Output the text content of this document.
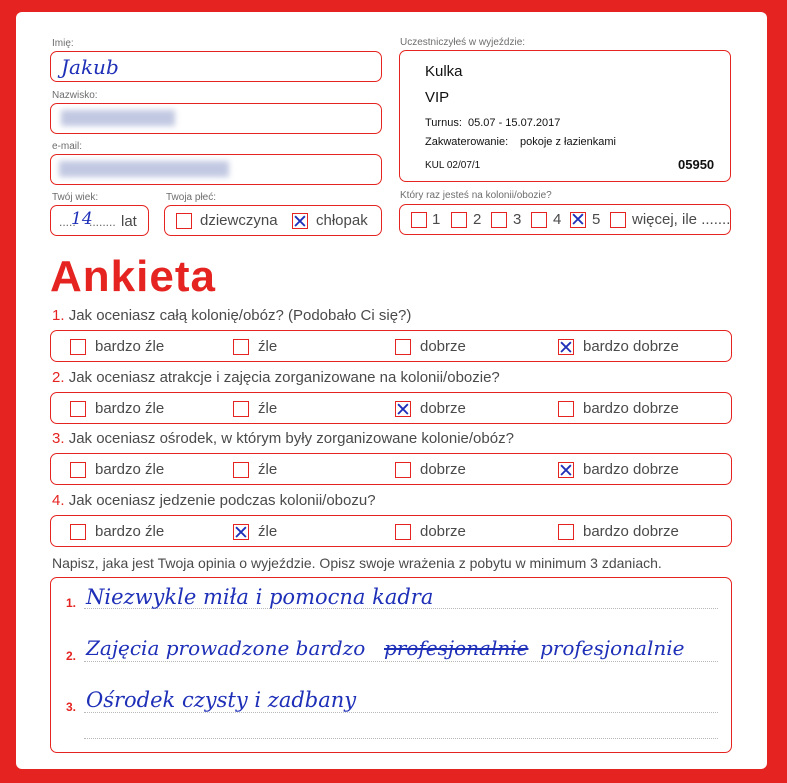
Imię:
Jakub
Nazwisko:
e-mail:
Twój wiek:
.....
14
........ lat
Twoja płeć:
dziewczyna ✕ chłopak
Uczestniczyłeś w wyjeździe:
Kulka
VIP
Turnus: 05.07 - 15.07.2017
Zakwaterowanie: pokoje z łazienkami
KUL 02/07/1	05950
Który raz jesteś na kolonii/obozie?
1 2 3 4 ✕ 5 więcej, ile .......
Ankieta
1. Jak oceniasz całą kolonię/obóz? (Podobało Ci się?)
bardzo źle	źle	dobrze	✕ bardzo dobrze
2. Jak oceniasz atrakcje i zajęcia zorganizowane na kolonii/obozie?
bardzo źle	źle	✕ dobrze	bardzo dobrze
3. Jak oceniasz ośrodek, w którym były zorganizowane kolonie/obóz?
bardzo źle	źle	dobrze	✕ bardzo dobrze
4. Jak oceniasz jedzenie podczas kolonii/obozu?
bardzo źle	✕ źle	dobrze	bardzo dobrze
Napisz, jaka jest Twoja opinia o wyjeździe. Opisz swoje wrażenia z pobytu w minimum 3 zdaniach.
1. Niezwykle miła i pomocna kadra
2. Zajęcia prowadzone bardzo profesjonalnie profesjonalnie
3. Ośrodek czysty i zadbany
